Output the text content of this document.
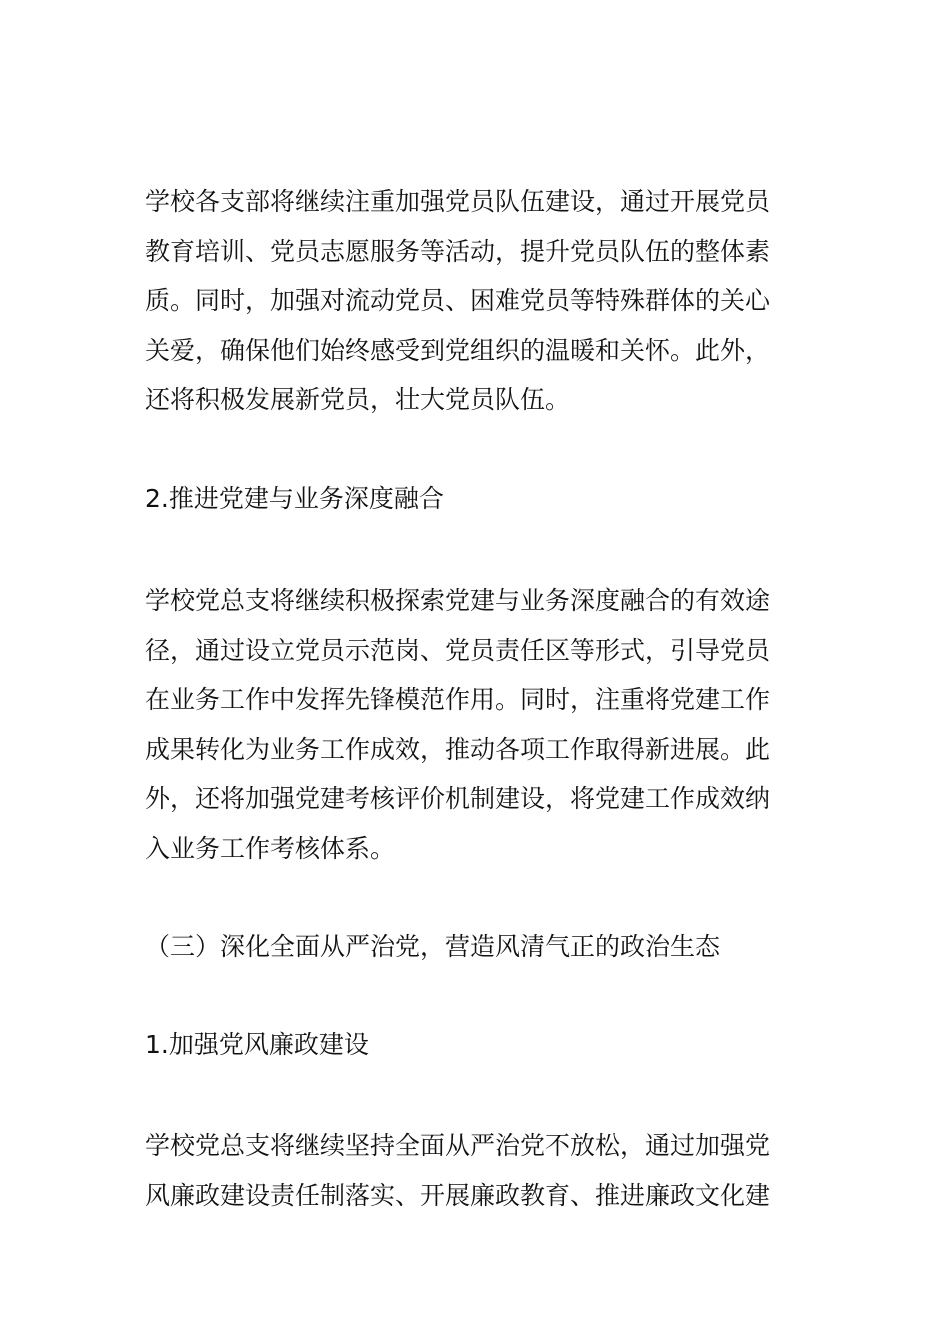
学校各支部将继续注重加强党员队伍建设，通过开展党员
教育培训、党员志愿服务等活动，提升党员队伍的整体素
质。同时，加强对流动党员、困难党员等特殊群体的关心
关爱，确保他们始终感受到党组织的温暖和关怀。此外，
还将积极发展新党员，壮大党员队伍。
2.推进党建与业务深度融合
学校党总支将继续积极探索党建与业务深度融合的有效途
径，通过设立党员示范岗、党员责任区等形式，引导党员
在业务工作中发挥先锋模范作用。同时，注重将党建工作
成果转化为业务工作成效，推动各项工作取得新进展。此
外，还将加强党建考核评价机制建设，将党建工作成效纳
入业务工作考核体系。
（三）深化全面从严治党，营造风清气正的政治生态
1.加强党风廉政建设
学校党总支将继续坚持全面从严治党不放松，通过加强党
风廉政建设责任制落实、开展廉政教育、推进廉政文化建
